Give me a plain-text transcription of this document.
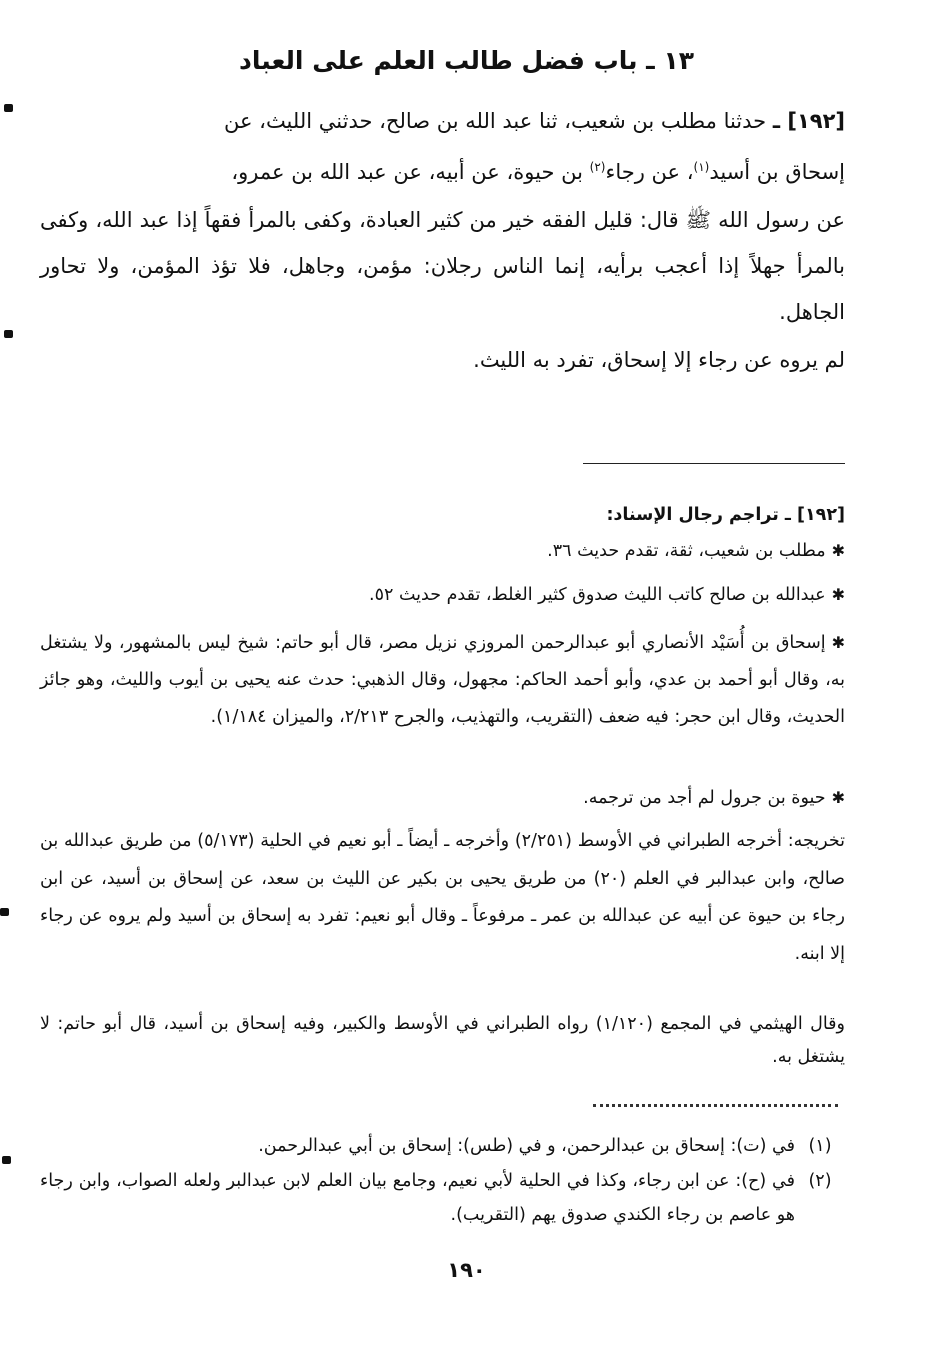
١٣ ـ باب فضل طالب العلم على العباد
[١٩٢] ـ حدثنا مطلب بن شعيب، ثنا عبد الله بن صالح، حدثني الليث، عن
إسحاق بن أسيد$^{(١)}$، عن رجاء$^{(٢)}$ بن حيوة، عن أبيه، عن عبد الله بن عمرو،
عن رسول الله ﷺ قال: قليل الفقه خير من كثير العبادة، وكفى بالمرأ فقهاً إذا عبد الله، وكفى بالمرأ جهلاً إذا أعجب برأيه، إنما الناس رجلان: مؤمن، وجاهل، فلا تؤذ المؤمن، ولا تحاور الجاهل.
لم يروه عن رجاء إلا إسحاق، تفرد به الليث.
[١٩٢] ـ تراجم رجال الإسناد:
✱مطلب بن شعيب، ثقة، تقدم حديث ٣٦.
✱عبدالله بن صالح كاتب الليث صدوق كثير الغلط، تقدم حديث ٥٢.
✱إسحاق بن أُسَيْد الأنصاري أبو عبدالرحمن المروزي نزيل مصر، قال أبو حاتم: شيخ ليس بالمشهور، ولا يشتغل به، وقال أبو أحمد بن عدي، وأبو أحمد الحاكم: مجهول، وقال الذهبي: حدث عنه يحيى بن أيوب والليث، وهو جائز الحديث، وقال ابن حجر: فيه ضعف (التقريب، والتهذيب، والجرح ٢/٢١٣، والميزان ١/١٨٤).
✱حيوة بن جرول لم أجد من ترجمه.
تخريجه: أخرجه الطبراني في الأوسط (٢/٢٥١) وأخرجه ـ أيضاً ـ أبو نعيم في الحلية (٥/١٧٣) من طريق عبدالله بن صالح، وابن عبدالبر في العلم (٢٠) من طريق يحيى بن بكير عن الليث بن سعد، عن إسحاق بن أسيد، عن ابن رجاء بن حيوة عن أبيه عن عبدالله بن عمر ـ مرفوعاً ـ وقال أبو نعيم: تفرد به إسحاق بن أسيد ولم يروه عن رجاء إلا ابنه.
وقال الهيثمي في المجمع (١/١٢٠) رواه الطبراني في الأوسط والكبير، وفيه إسحاق بن أسيد، قال أبو حاتم: لا يشتغل به.
(١)
في (ت): إسحاق بن عبدالرحمن، و في (طس): إسحاق بن أبي عبدالرحمن.
(٢)
في (ح): عن ابن رجاء، وكذا في الحلية لأبي نعيم، وجامع بيان العلم لابن عبدالبر ولعله الصواب، وابن رجاء هو عاصم بن رجاء الكندي صدوق يهم (التقريب).
١٩٠
